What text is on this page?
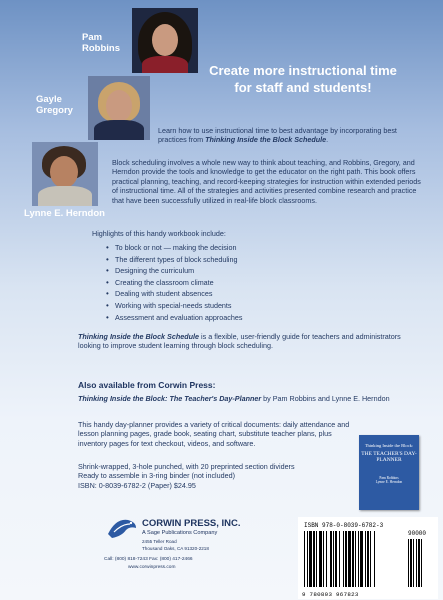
Pam Robbins
Gayle Gregory
Lynne E. Herndon
Create more instructional time for staff and students!
Learn how to use instructional time to best advantage by incorporating best practices from Thinking Inside the Block Schedule.
Block scheduling involves a whole new way to think about teaching, and Robbins, Gregory, and Herndon provide the tools and knowledge to get the educator on the right path. This book offers practical planning, teaching, and record-keeping strategies for instruction within extended periods of instructional time. All of the strategies and activities presented combine research and practice that have been successfully utilized in real-life block classrooms.
Highlights of this handy workbook include:
• To block or not — making the decision
• The different types of block scheduling
• Designing the curriculum
• Creating the classroom climate
• Dealing with student absences
• Working with special-needs students
• Assessment and evaluation approaches
Thinking Inside the Block Schedule is a flexible, user-friendly guide for teachers and administrators looking to improve student learning through block scheduling.
Also available from Corwin Press:
Thinking Inside the Block: The Teacher's Day-Planner by Pam Robbins and Lynne E. Herndon
This handy day-planner provides a variety of critical documents: daily attendance and lesson planning pages, grade book, seating chart, substitute teacher plans, plus inventory pages for text checkout, videos, and software.
Shrink-wrapped, 3-hole punched, with 20 preprinted section dividers
Ready to assemble in 3-ring binder (not included)
ISBN: 0-8039-6782-2 (Paper) $24.95
Thinking Inside the Block:
THE TEACHER'S DAY-PLANNER
Pam Robbins
Lynne E. Herndon
CORWIN PRESS, INC.
A Sage Publications Company
2455 Teller Road
Thousand Oaks, CA 91320-2218
Call: (800) 818-7243 Fax: (800) 417-2466
www.corwinpress.com
ISBN 978-0-8039-6782-3
90000
9 780803 967823
